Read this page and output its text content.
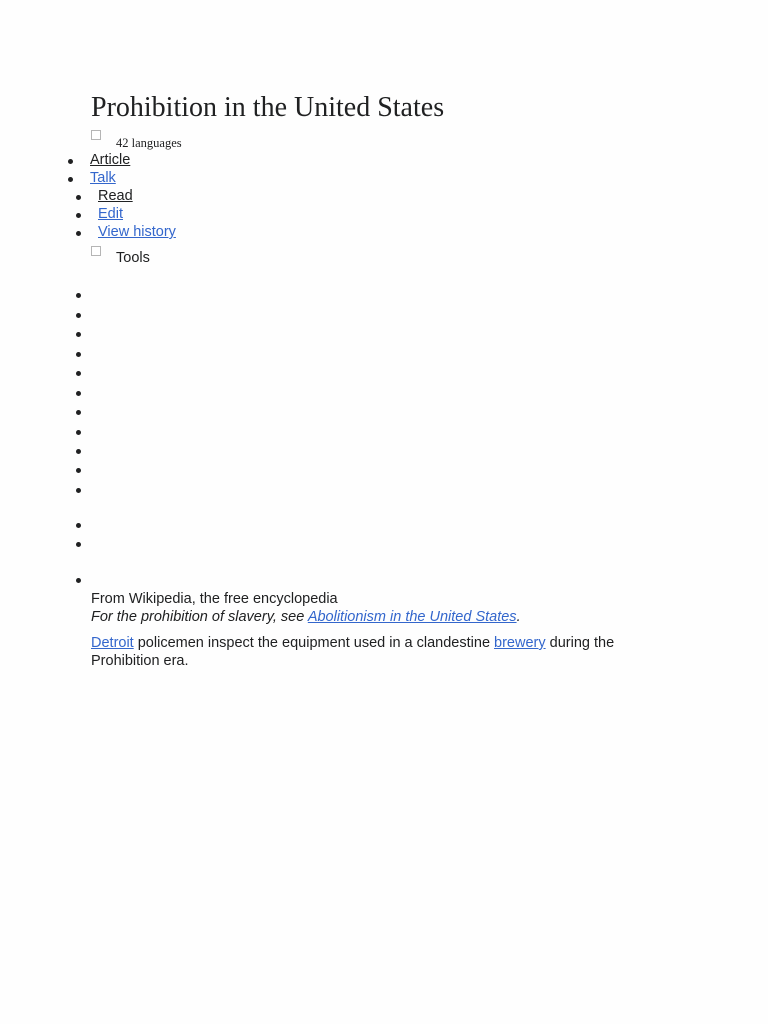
Prohibition in the United States
42 languages
Article
Talk
Read
Edit
View history
Tools
From Wikipedia, the free encyclopedia
For the prohibition of slavery, see Abolitionism in the United States.
Detroit policemen inspect the equipment used in a clandestine brewery during the Prohibition era.
